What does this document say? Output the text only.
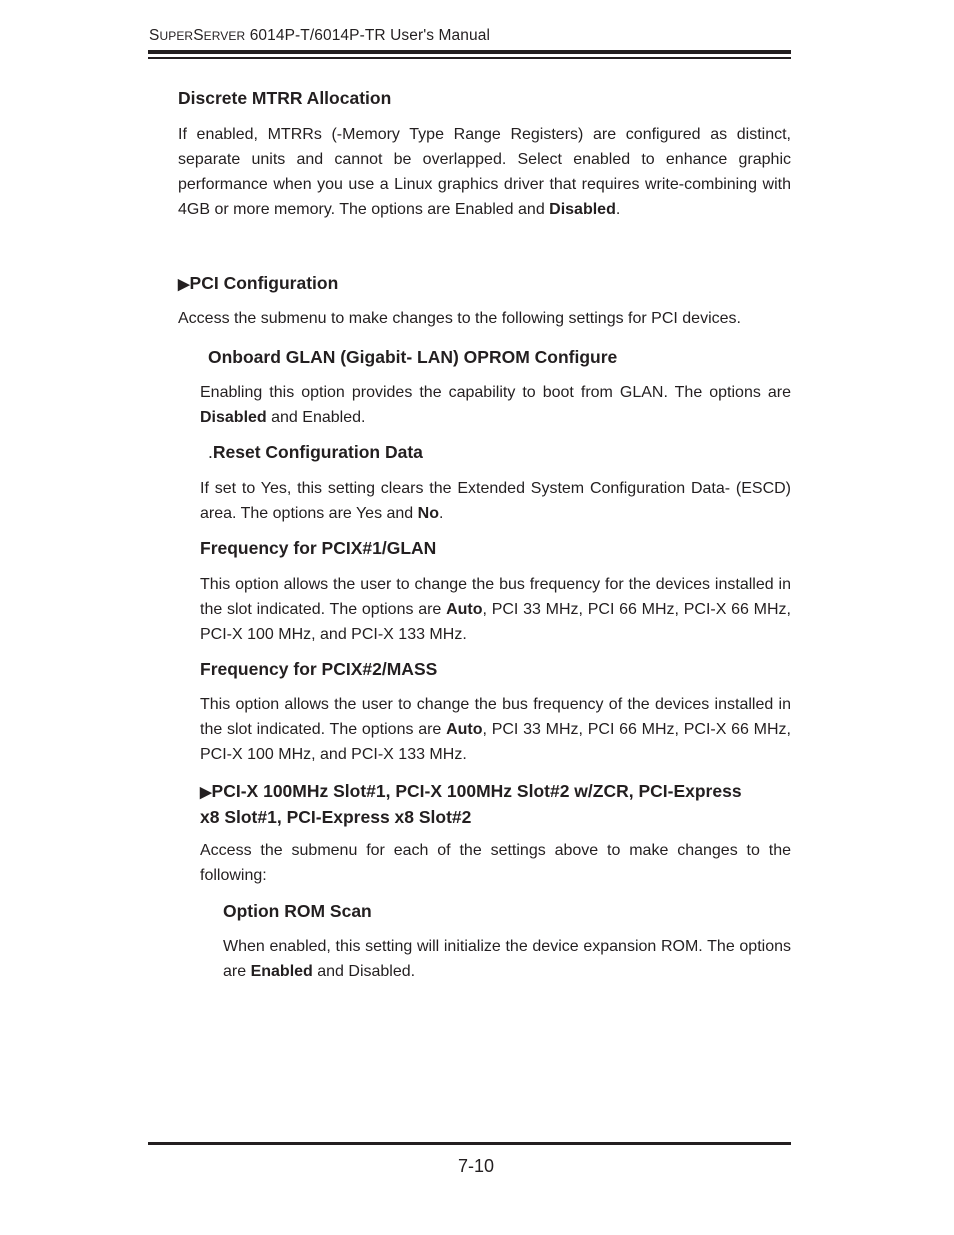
SUPERSERVER 6014P-T/6014P-TR User's Manual
Discrete MTRR Allocation

If enabled, MTRRs (-Memory Type Range Registers) are configured as distinct, separate units and cannot be overlapped. Select enabled to enhance graphic performance when you use a Linux graphics driver that requires write-combining with 4GB or more memory. The options are Enabled and Disabled.

▶PCI Configuration

Access the submenu to make changes to the following settings for PCI devices.

Onboard GLAN (Gigabit- LAN) OPROM Configure

Enabling this option provides the capability to boot from GLAN. The options are Disabled and Enabled.

.Reset Configuration Data

If set to Yes, this setting clears the Extended System Configuration Data- (ESCD) area. The options are Yes and No.

Frequency for PCIX#1/GLAN

This option allows the user to change the bus frequency for the devices installed in the slot indicated. The options are Auto, PCI 33 MHz, PCI 66 MHz, PCI-X 66 MHz, PCI-X 100 MHz, and PCI-X 133 MHz.

Frequency for PCIX#2/MASS

This option allows the user to change the bus frequency of the devices installed in the slot indicated. The options are Auto, PCI 33 MHz, PCI 66 MHz, PCI-X 66 MHz, PCI-X 100 MHz, and PCI-X 133 MHz.

▶PCI-X 100MHz Slot#1, PCI-X 100MHz Slot#2 w/ZCR, PCI-Express
x8 Slot#1, PCI-Express x8 Slot#2

Access the submenu for each of the settings above to make changes to the following:

Option ROM Scan

When enabled, this setting will initialize the device expansion ROM. The options are Enabled and Disabled.

7-10
